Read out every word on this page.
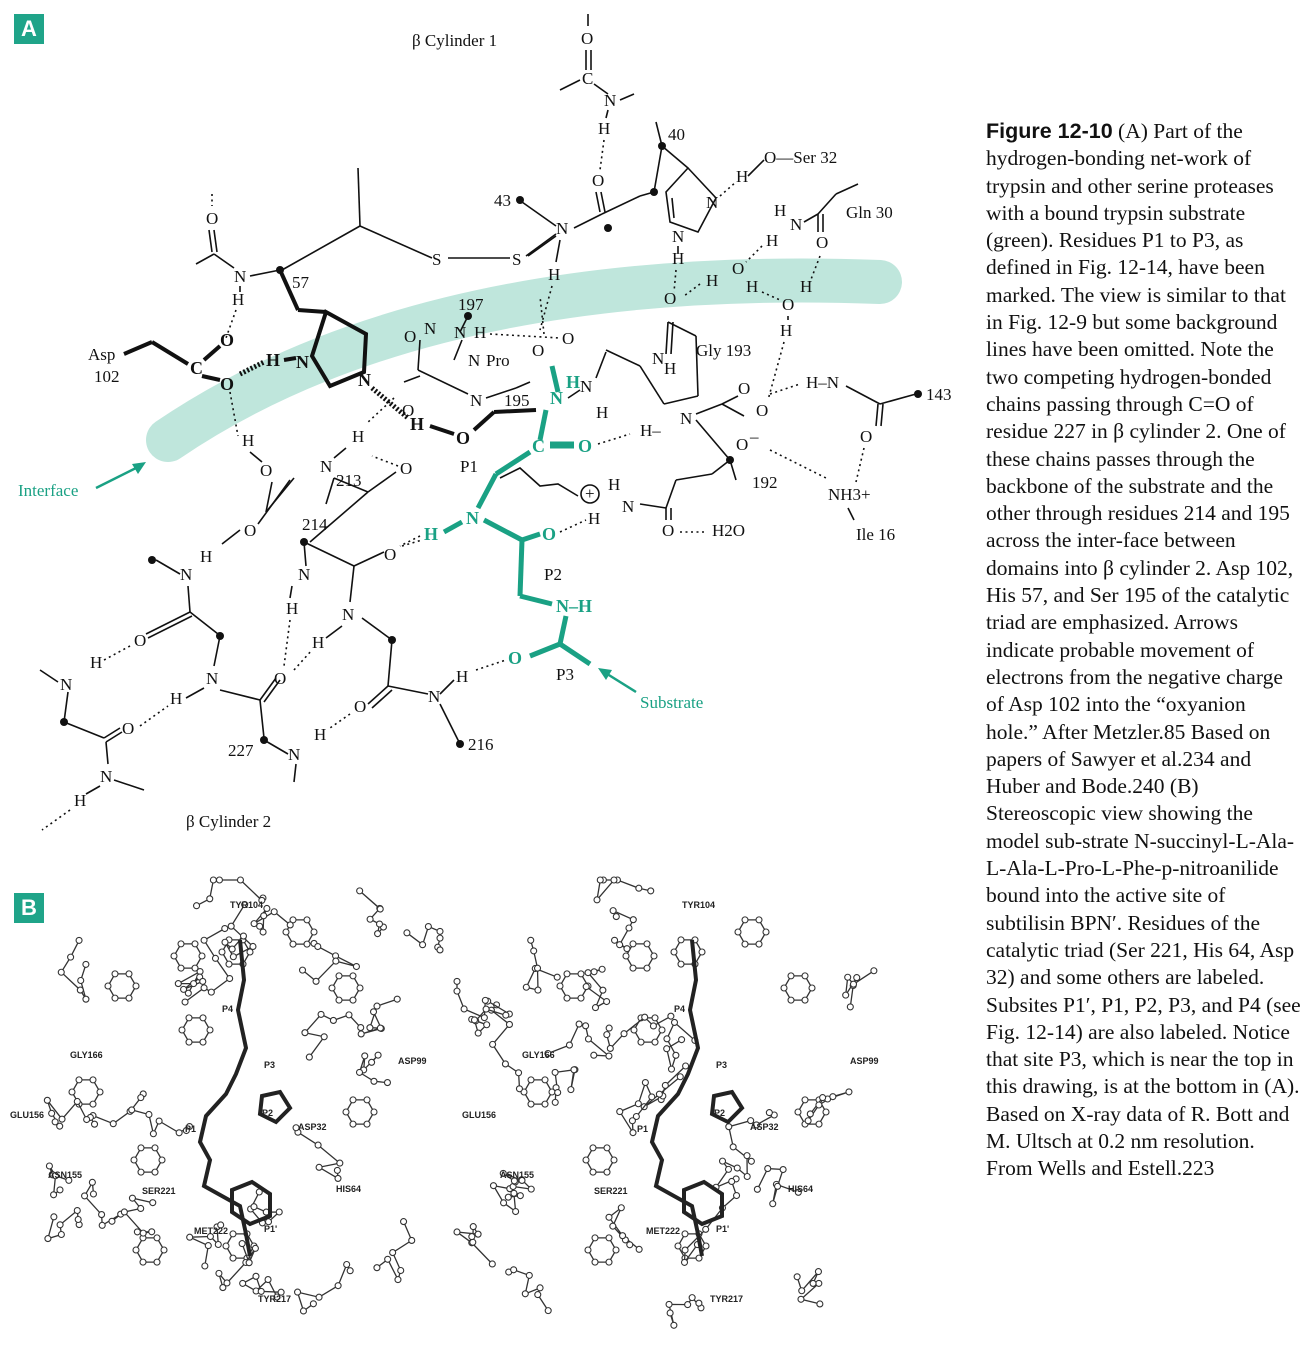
A
B
β Cylinder 1
β Cylinder 2
Interface
Substrate
O
C
N
H
O
40
N
43
H
N
N
H
H
O—Ser 32
H
N
O
Gln 30
H
O
H H
O
H
H
S	S
O
N	57
H
N
N
Asp
102	C
O
O
H
H
O
195
N
197
O N N H
N Pro
O
O
H
N
213
O
214
N
H
O
H
O
O
H
N
O
N
H
N
O
H
N
H
227
O
H
N
O
H
N
N
216
H
H
N
N
H
C O
P1
N
H	O
P2
N–H
O
P3
+
O
N
H
Gly 193
O
H–
N
O
O
O –
192
N
H
H
O H2O
H–N
143
O
NH3+
Ile 16
TYR104
P4
GLY166
P3	ASP99
GLU156
P1
P2
ASP32
ASN155
SER221	HIS64
MET222	P1'
TYR217
TYR104
P4
GLY166
P3	ASP99
GLU156
P1
P2
ASP32
ASN155
SER221	HIS64
MET222	P1'
TYR217
Figure 12-10 (A) Part of the hydrogen-bonding net-work of trypsin and other serine proteases with a bound trypsin substrate (green). Residues P1 to P3, as defined in Fig. 12-14, have been marked. The view is similar to that in Fig. 12-9 but some background lines have been omitted. Note the two competing hydrogen-bonded chains passing through C=O of residue 227 in β cylinder 2. One of these chains passes through the backbone of the substrate and the other through residues 214 and 195 across the inter-face between domains into β cylinder 2. Asp 102, His 57, and Ser 195 of the catalytic triad are emphasized. Arrows indicate probable movement of electrons from the negative charge of Asp 102 into the “oxyanion hole.” After Metzler.85 Based on papers of Sawyer et al.234 and Huber and Bode.240 (B) Stereoscopic view showing the model sub-strate N-succinyl-L-Ala-L-Ala-L-Pro-L-Phe-p-nitroanilide bound into the active site of subtilisin BPN′. Residues of the catalytic triad (Ser 221, His 64, Asp 32) and some others are labeled. Subsites P1′, P1, P2, P3, and P4 (see Fig. 12-14) are also labeled. Notice that site P3, which is near the top in this drawing, is at the bottom in (A). Based on X-ray data of R. Bott and M. Ultsch at 0.2 nm resolution. From Wells and Estell.223
